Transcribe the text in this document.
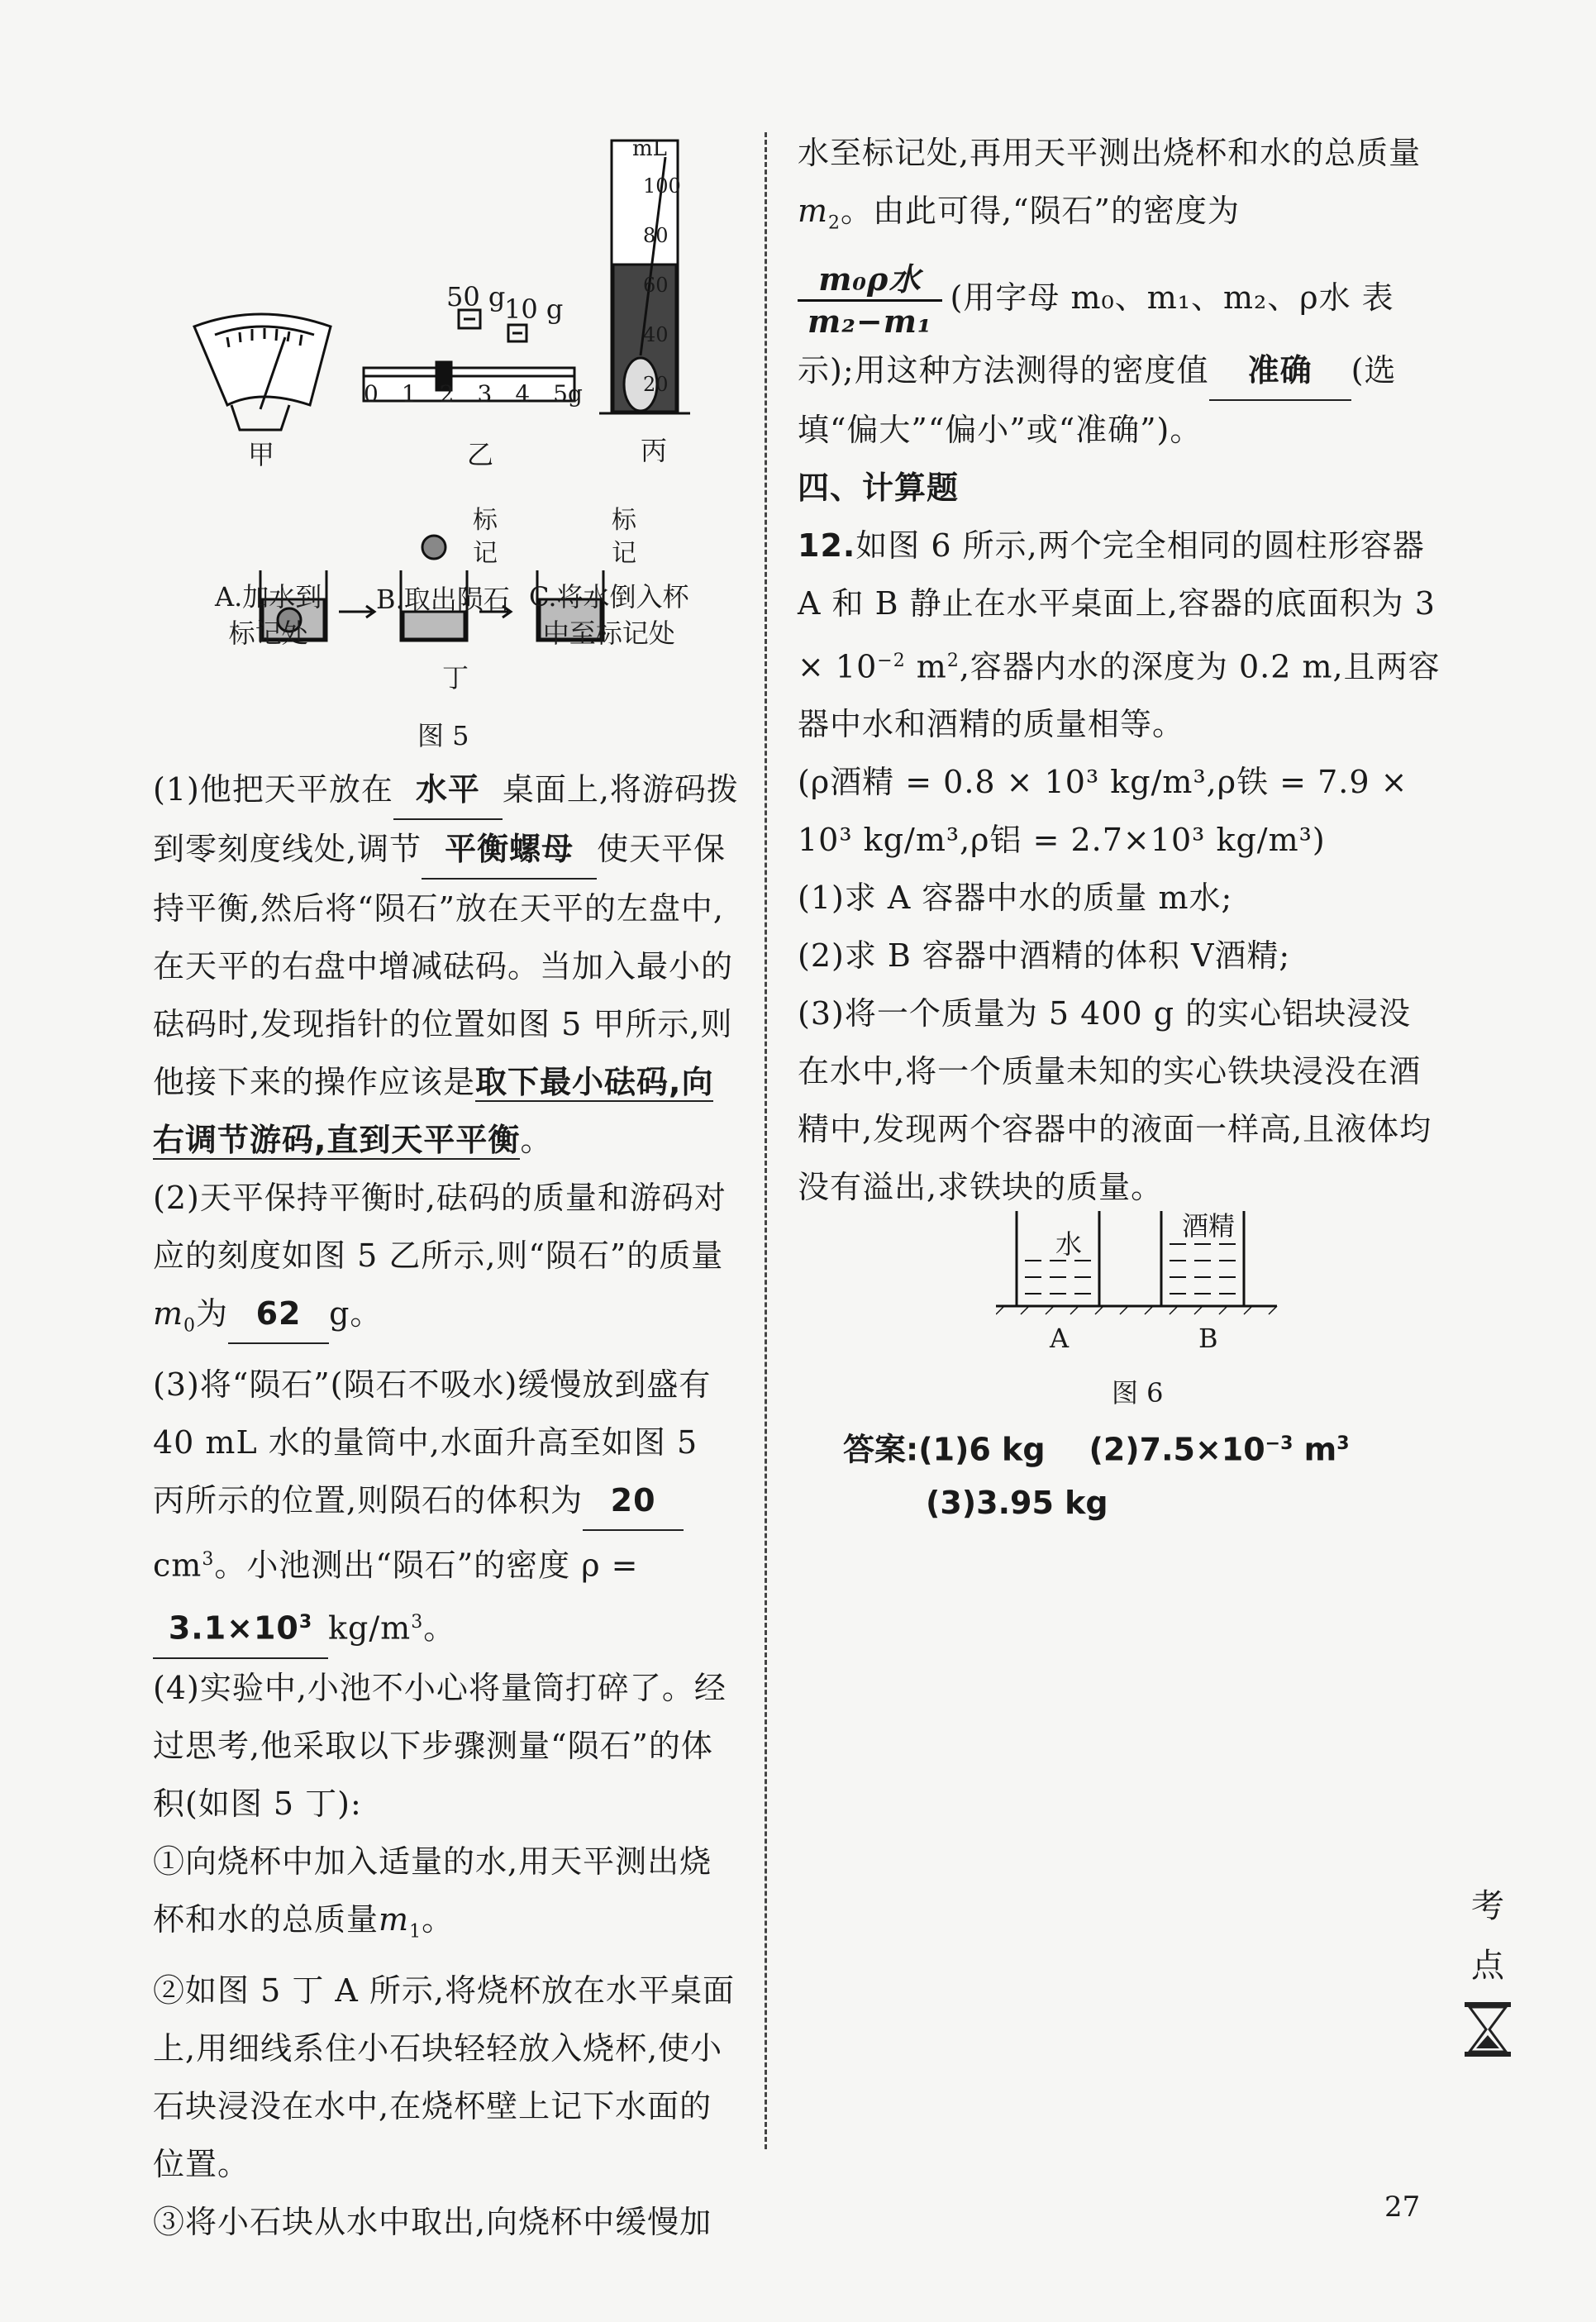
甲
50 g
10 g
0 1 2 3 4 5g
乙
mL
100
80
60
40
20
丙
标记
标记
A.加水到
标记处
B.取出陨石 C.将水倒入杯
中至标记处
丁
图 5

(1)他把天平放在 水平 桌面上,将游码拨到零刻度线处,调节 平衡螺母 使天平保持平衡,然后将“陨石”放在天平的左盘中,在天平的右盘中增减砝码。当加入最小的砝码时,发现指针的位置如图 5 甲所示,则他接下来的操作应该是取下最小砝码,向右调节游码,直到天平平衡。

(2)天平保持平衡时,砝码的质量和游码对应的刻度如图 5 乙所示,则“陨石”的质量$m_0$为 62 g。

(3)将“陨石”(陨石不吸水)缓慢放到盛有 40 mL 水的量筒中,水面升高至如图 5 丙所示的位置,则陨石的体积为 20 $cm^3$。小池测出“陨石”的密度 $\rho = 3.1\times 10^3$ $kg/m^3$。

(4)实验中,小池不小心将量筒打碎了。经过思考,他采取以下步骤测量“陨石”的体积(如图 5 丁):

①向烧杯中加入适量的水,用天平测出烧杯和水的总质量$m_1$。

②如图 5 丁 A 所示,将烧杯放在水平桌面上,用细线系住小石块轻轻放入烧杯,使小石块浸没在水中,在烧杯壁上记下水面的位置。

③将小石块从水中取出,向烧杯中缓慢加

水至标记处,再用天平测出烧杯和水的总质量$m_2$。由此可得,“陨石”的密度为

$\frac{\text{m₀ρ水}}{\text{m₂−m₁}}$ (用字母 m₀、m₁、m₂、ρ水 表示);用这种方法测得的密度值 准确 (选填“偏大”“偏小”或“准确”)。

四、计算题

12.如图 6 所示,两个完全相同的圆柱形容器 A 和 B 静止在水平桌面上,容器的底面积为 $3 \times 10^{-2}$ $m^2$,容器内水的深度为 0.2 m,且两容器中水和酒精的质量相等。

(ρ酒精 = 0.8 × 10³ kg/m³,ρ铁 = 7.9 × 10³ kg/m³,ρ铝 = 2.7×10³ kg/m³)

(1)求 A 容器中水的质量 m水;

(2)求 B 容器中酒精的体积 V酒精;

(3)将一个质量为 5 400 g 的实心铝块浸没在水中,将一个质量未知的实心铁块浸没在酒精中,发现两个容器中的液面一样高,且液体均没有溢出,求铁块的质量。

水
酒精
A	B
图 6
答案:(1)6 kg $(2)7.5\times 10^{-3}$ $m^3$
(3)3.95 kg
考
点
27
